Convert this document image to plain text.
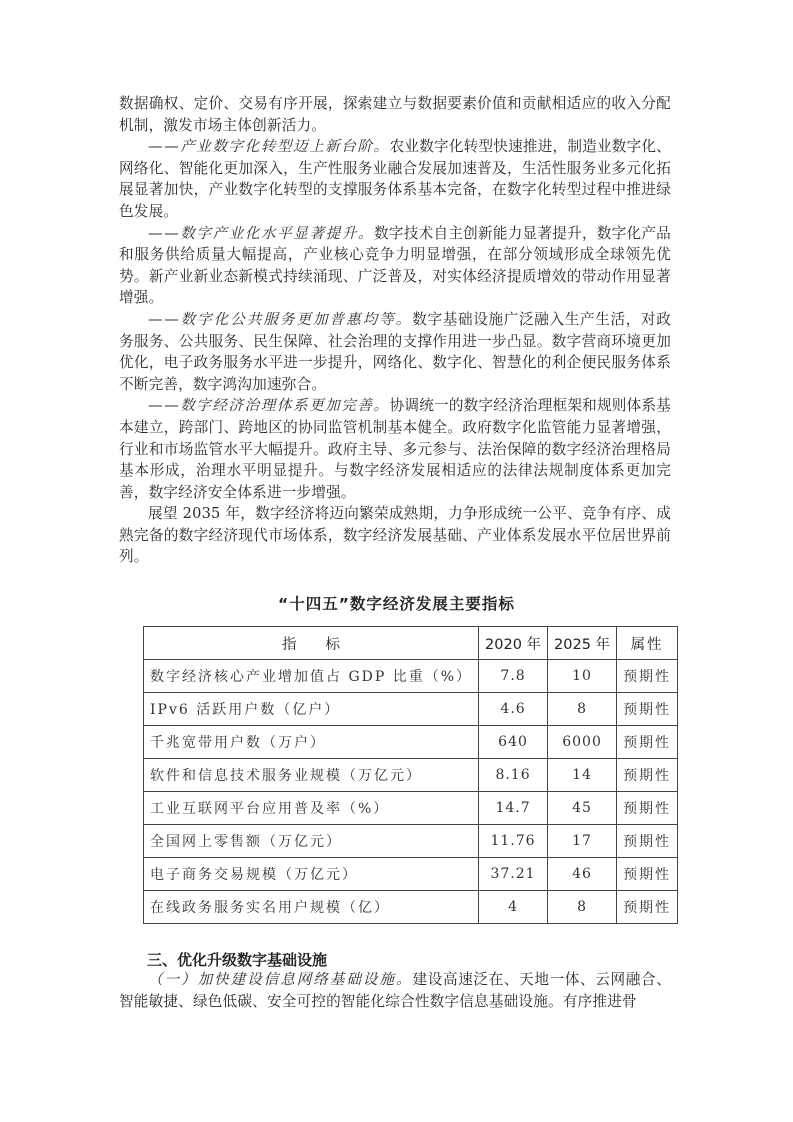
数据确权、定价、交易有序开展，探索建立与数据要素价值和贡献相适应的收入分配机制，激发市场主体创新活力。

——产业数字化转型迈上新台阶。农业数字化转型快速推进，制造业数字化、网络化、智能化更加深入，生产性服务业融合发展加速普及，生活性服务业多元化拓展显著加快，产业数字化转型的支撑服务体系基本完备，在数字化转型过程中推进绿色发展。

——数字产业化水平显著提升。数字技术自主创新能力显著提升，数字化产品和服务供给质量大幅提高，产业核心竞争力明显增强，在部分领域形成全球领先优势。新产业新业态新模式持续涌现、广泛普及，对实体经济提质增效的带动作用显著增强。

——数字化公共服务更加普惠均等。数字基础设施广泛融入生产生活，对政务服务、公共服务、民生保障、社会治理的支撑作用进一步凸显。数字营商环境更加优化，电子政务服务水平进一步提升，网络化、数字化、智慧化的利企便民服务体系不断完善，数字鸿沟加速弥合。

——数字经济治理体系更加完善。协调统一的数字经济治理框架和规则体系基本建立，跨部门、跨地区的协同监管机制基本健全。政府数字化监管能力显著增强，行业和市场监管水平大幅提升。政府主导、多元参与、法治保障的数字经济治理格局基本形成，治理水平明显提升。与数字经济发展相适应的法律法规制度体系更加完善，数字经济安全体系进一步增强。

展望 2035 年，数字经济将迈向繁荣成熟期，力争形成统一公平、竞争有序、成熟完备的数字经济现代市场体系，数字经济发展基础、产业体系发展水平位居世界前列。

“十四五”数字经济发展主要指标
指　　标	2020 年	2025 年	属性
数字经济核心产业增加值占 GDP 比重（%）	7.8	10	预期性
IPv6 活跃用户数（亿户）	4.6	8	预期性
千兆宽带用户数（万户）	640	6000	预期性
软件和信息技术服务业规模（万亿元）	8.16	14	预期性
工业互联网平台应用普及率（%）	14.7	45	预期性
全国网上零售额（万亿元）	11.76	17	预期性
电子商务交易规模（万亿元）	37.21	46	预期性
在线政务服务实名用户规模（亿）	4	8	预期性
三、优化升级数字基础设施

（一）加快建设信息网络基础设施。建设高速泛在、天地一体、云网融合、智能敏捷、绿色低碳、安全可控的智能化综合性数字信息基础设施。有序推进骨
